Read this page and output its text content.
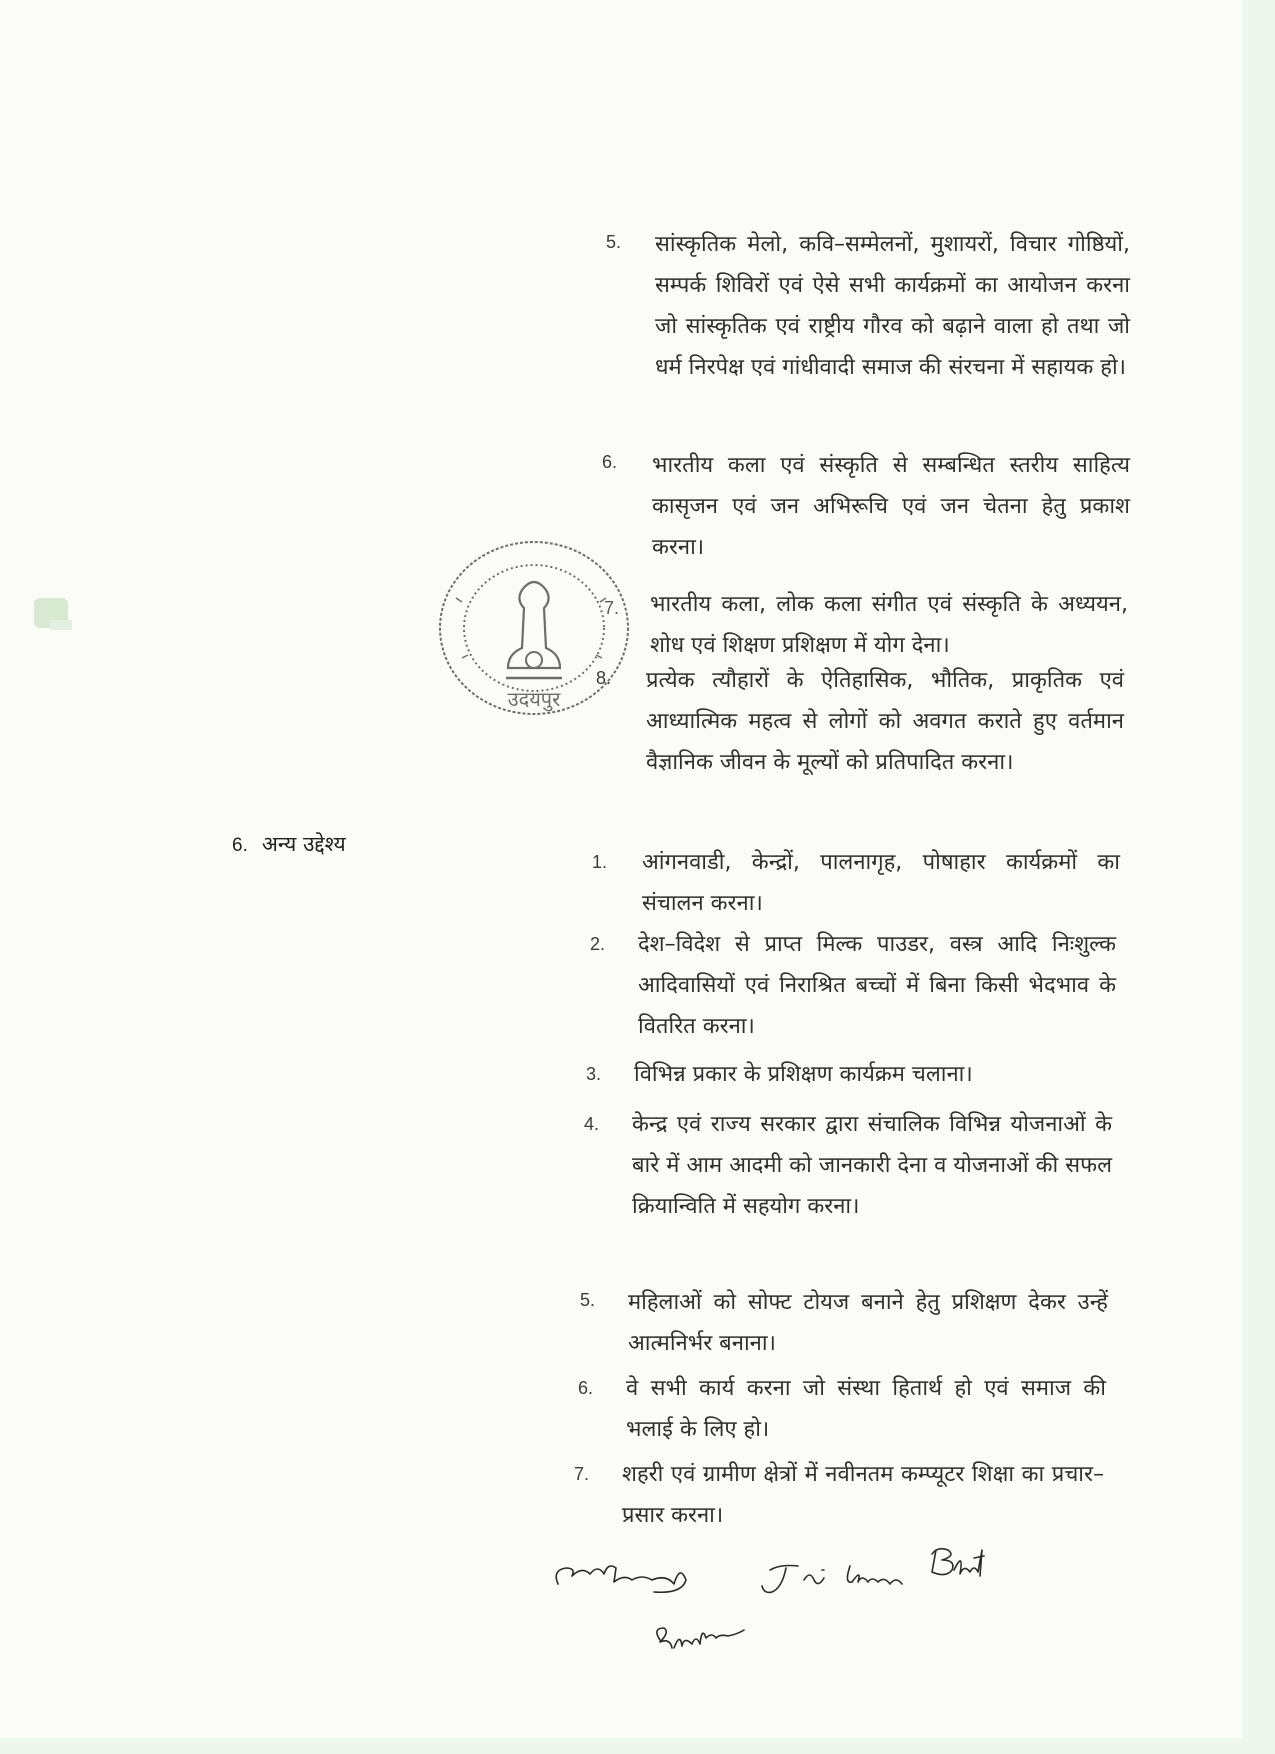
5.	सांस्कृतिक मेलो, कवि–सम्मेलनों, मुशायरों, विचार गोष्ठियों, सम्पर्क शिविरों एवं ऐसे सभी कार्यक्रमों का आयोजन करना जो सांस्कृतिक एवं राष्ट्रीय गौरव को बढ़ाने वाला हो तथा जो धर्म निरपेक्ष एवं गांधीवादी समाज की संरचना में सहायक हो।
6.	भारतीय कला एवं संस्कृति से सम्बन्धित स्तरीय साहित्य कासृजन एवं जन अभिरूचि एवं जन चेतना हेतु प्रकाश करना।
7.	भारतीय कला, लोक कला संगीत एवं संस्कृति के अध्ययन, शोध एवं शिक्षण प्रशिक्षण में योग देना।
8.	प्रत्येक त्यौहारों के ऐतिहासिक, भौतिक, प्राकृतिक एवं आध्यात्मिक महत्व से लोगों को अवगत कराते हुए वर्तमान वैज्ञानिक जीवन के मूल्यों को प्रतिपादित करना।
6. अन्य उद्देश्य
1.	आंगनवाडी, केन्द्रों, पालनागृह, पोषाहार कार्यक्रमों का संचालन करना।
2.	देश–विदेश से प्राप्त मिल्क पाउडर, वस्त्र आदि निःशुल्क आदिवासियों एवं निराश्रित बच्चों में बिना किसी भेदभाव के वितरित करना।
3.	विभिन्न प्रकार के प्रशिक्षण कार्यक्रम चलाना।
4.	केन्द्र एवं राज्य सरकार द्वारा संचालिक विभिन्न योजनाओं के बारे में आम आदमी को जानकारी देना व योजनाओं की सफल क्रियान्विति में सहयोग करना।
5.	महिलाओं को सोफ्ट टोयज बनाने हेतु प्रशिक्षण देकर उन्हें आत्मनिर्भर बनाना।
6.	वे सभी कार्य करना जो संस्था हितार्थ हो एवं समाज की भलाई के लिए हो।
7.	शहरी एवं ग्रामीण क्षेत्रों में नवीनतम कम्प्यूटर शिक्षा का प्रचार–प्रसार करना।
उदयपुर
